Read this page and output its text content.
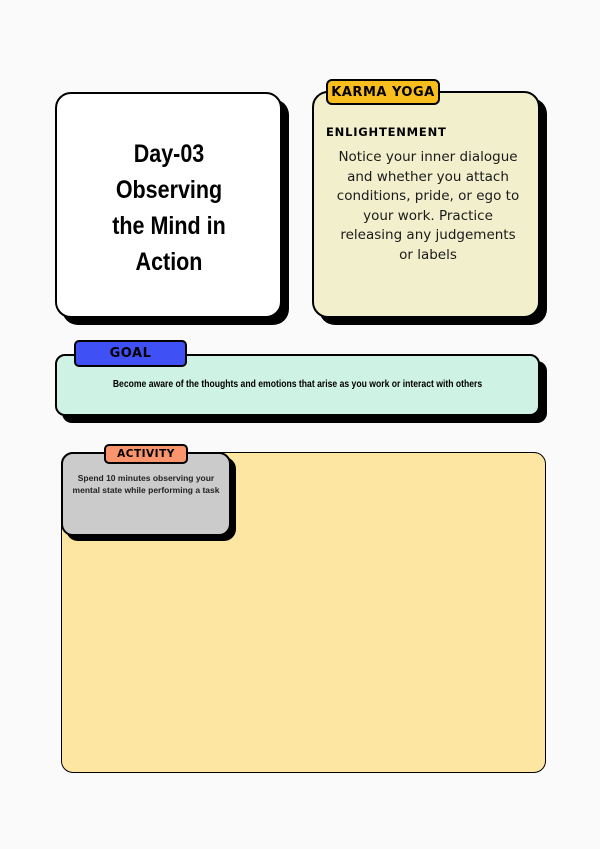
Day-03
Observing
the Mind in
Action
KARMA YOGA
ENLIGHTENMENT
Notice your inner dialogue and whether you attach conditions, pride, or ego to your work. Practice releasing any judgements or labels
GOAL
Become aware of the thoughts and emotions that arise as you work or interact with others
ACTIVITY
Spend 10 minutes observing your mental state while performing a task
